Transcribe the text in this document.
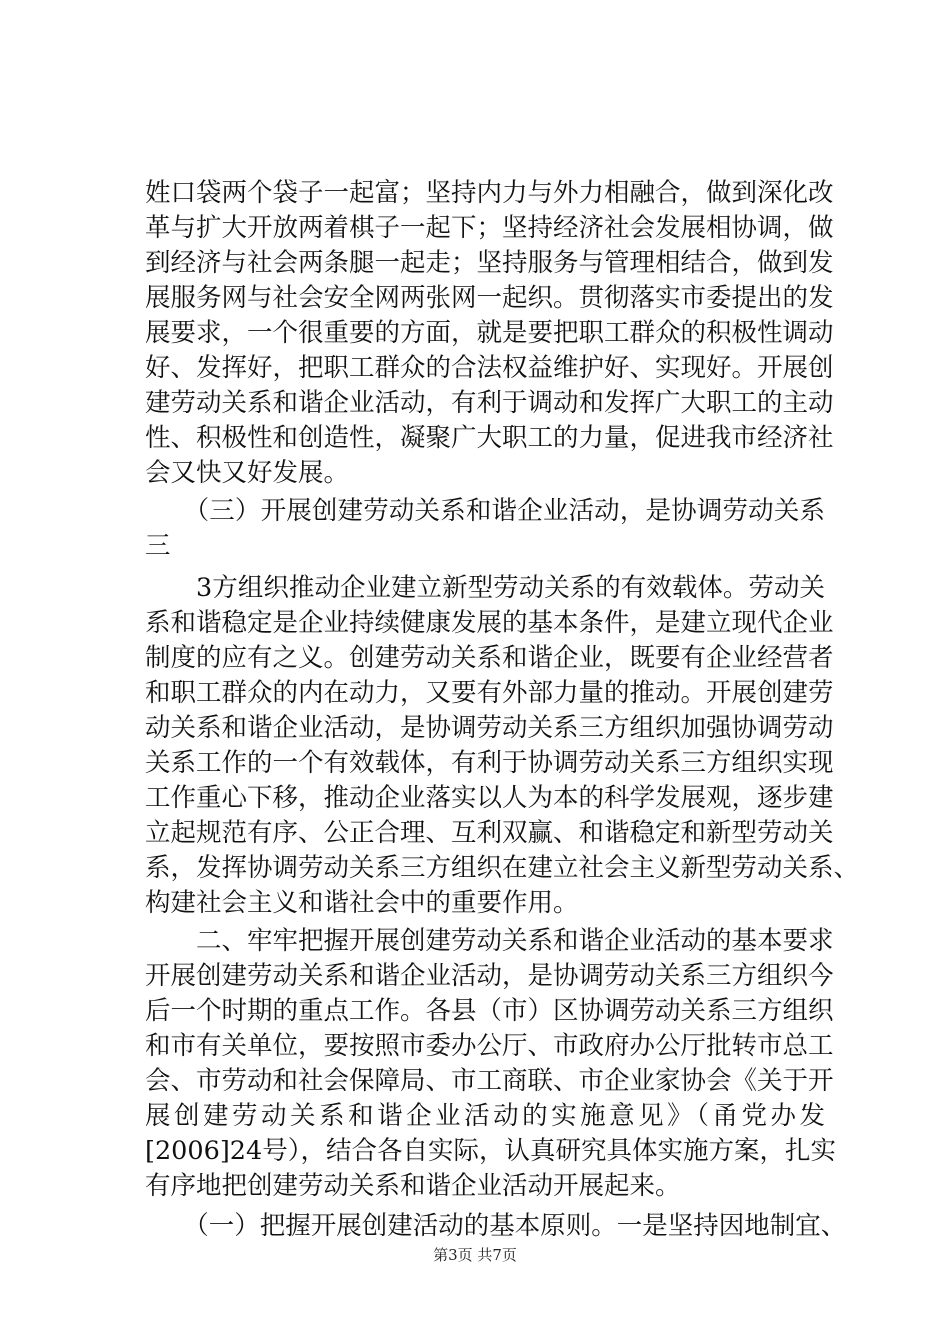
姓口袋两个袋子一起富；坚持内力与外力相融合，做到深化改
革与扩大开放两着棋子一起下；坚持经济社会发展相协调，做
到经济与社会两条腿一起走；坚持服务与管理相结合，做到发
展服务网与社会安全网两张网一起织。贯彻落实市委提出的发
展要求，一个很重要的方面，就是要把职工群众的积极性调动
好、发挥好，把职工群众的合法权益维护好、实现好。开展创
建劳动关系和谐企业活动，有利于调动和发挥广大职工的主动
性、积极性和创造性，凝聚广大职工的力量，促进我市经济社
会又快又好发展。
　　（三）开展创建劳动关系和谐企业活动，是协调劳动关系
三
　　3方组织推动企业建立新型劳动关系的有效载体。劳动关
系和谐稳定是企业持续健康发展的基本条件，是建立现代企业
制度的应有之义。创建劳动关系和谐企业，既要有企业经营者
和职工群众的内在动力，又要有外部力量的推动。开展创建劳
动关系和谐企业活动，是协调劳动关系三方组织加强协调劳动
关系工作的一个有效载体，有利于协调劳动关系三方组织实现
工作重心下移，推动企业落实以人为本的科学发展观，逐步建
立起规范有序、公正合理、互利双赢、和谐稳定和新型劳动关
系，发挥协调劳动关系三方组织在建立社会主义新型劳动关系、
构建社会主义和谐社会中的重要作用。
　　二、牢牢把握开展创建劳动关系和谐企业活动的基本要求
开展创建劳动关系和谐企业活动，是协调劳动关系三方组织今
后一个时期的重点工作。各县（市）区协调劳动关系三方组织
和市有关单位，要按照市委办公厅、市政府办公厅批转市总工
会、市劳动和社会保障局、市工商联、市企业家协会《关于开
展创建劳动关系和谐企业活动的实施意见》（甬党办发
[2006]24号），结合各自实际，认真研究具体实施方案，扎实
有序地把创建劳动关系和谐企业活动开展起来。
　　（一）把握开展创建活动的基本原则。一是坚持因地制宜、
第3页 共7页
